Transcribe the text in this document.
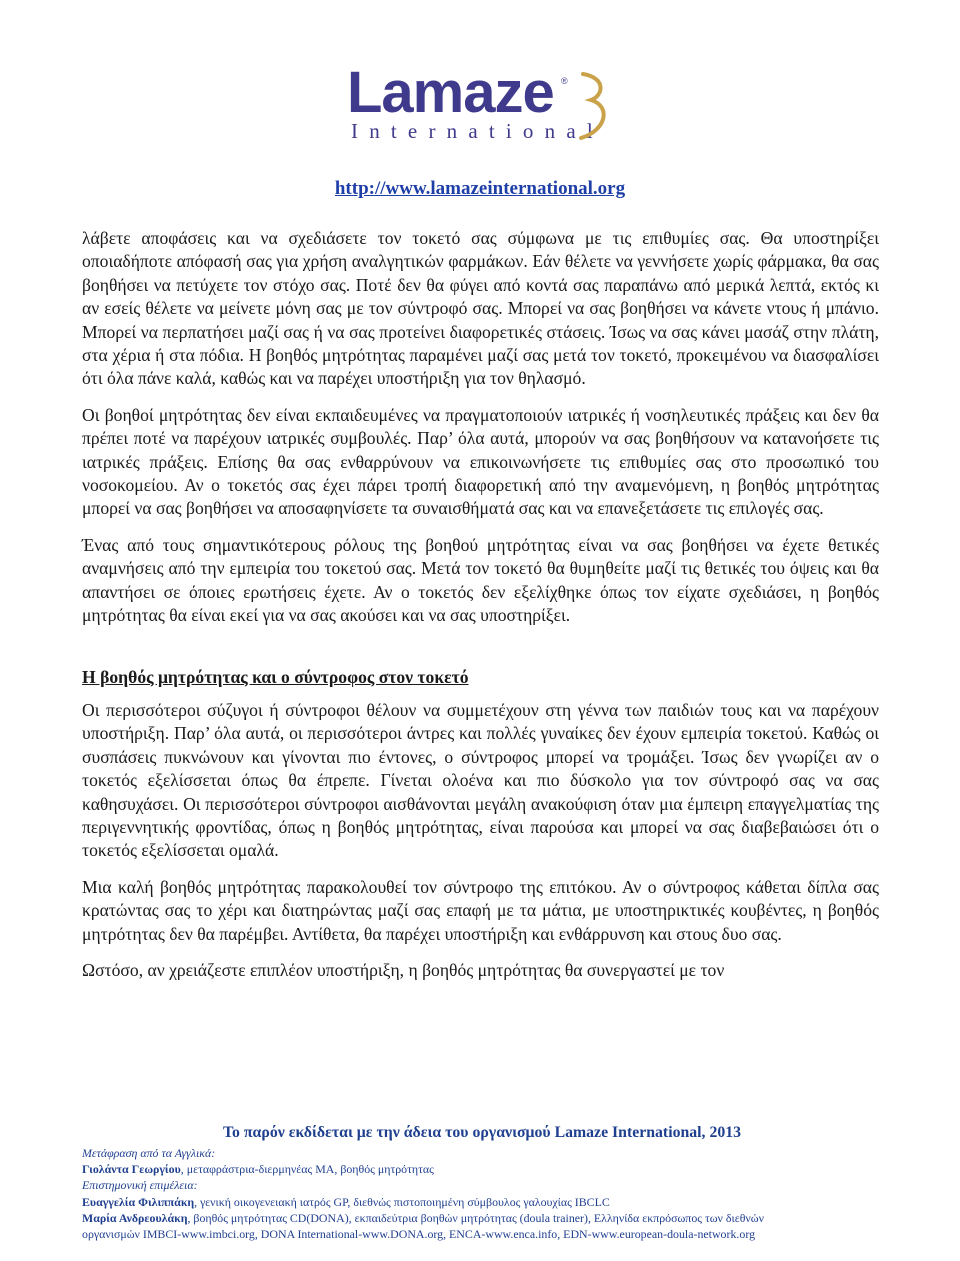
Lamaze ®
International
http://www.lamazeinternational.org

λάβετε αποφάσεις και να σχεδιάσετε τον τοκετό σας σύμφωνα με τις επιθυμίες σας. Θα υποστηρίξει οποιαδήποτε απόφασή σας για χρήση αναλγητικών φαρμάκων. Εάν θέλετε να γεννήσετε χωρίς φάρμακα, θα σας βοηθήσει να πετύχετε τον στόχο σας. Ποτέ δεν θα φύγει από κοντά σας παραπάνω από μερικά λεπτά, εκτός κι αν εσείς θέλετε να μείνετε μόνη σας με τον σύντροφό σας. Μπορεί να σας βοηθήσει να κάνετε ντους ή μπάνιο. Μπορεί να περπατήσει μαζί σας ή να σας προτείνει διαφορετικές στάσεις. Ίσως να σας κάνει μασάζ στην πλάτη, στα χέρια ή στα πόδια. Η βοηθός μητρότητας παραμένει μαζί σας μετά τον τοκετό, προκειμένου να διασφαλίσει ότι όλα πάνε καλά, καθώς και να παρέχει υποστήριξη για τον θηλασμό.

Οι βοηθοί μητρότητας δεν είναι εκπαιδευμένες να πραγματοποιούν ιατρικές ή νοσηλευτικές πράξεις και δεν θα πρέπει ποτέ να παρέχουν ιατρικές συμβουλές. Παρ’ όλα αυτά, μπορούν να σας βοηθήσουν να κατανοήσετε τις ιατρικές πράξεις. Επίσης θα σας ενθαρρύνουν να επικοινωνήσετε τις επιθυμίες σας στο προσωπικό του νοσοκομείου. Αν ο τοκετός σας έχει πάρει τροπή διαφορετική από την αναμενόμενη, η βοηθός μητρότητας μπορεί να σας βοηθήσει να αποσαφηνίσετε τα συναισθήματά σας και να επανεξετάσετε τις επιλογές σας.

Ένας από τους σημαντικότερους ρόλους της βοηθού μητρότητας είναι να σας βοηθήσει να έχετε θετικές αναμνήσεις από την εμπειρία του τοκετού σας. Μετά τον τοκετό θα θυμηθείτε μαζί τις θετικές του όψεις και θα απαντήσει σε όποιες ερωτήσεις έχετε. Αν ο τοκετός δεν εξελίχθηκε όπως τον είχατε σχεδιάσει, η βοηθός μητρότητας θα είναι εκεί για να σας ακούσει και να σας υποστηρίξει.

Η βοηθός μητρότητας και ο σύντροφος στον τοκετό

Οι περισσότεροι σύζυγοι ή σύντροφοι θέλουν να συμμετέχουν στη γέννα των παιδιών τους και να παρέχουν υποστήριξη. Παρ’ όλα αυτά, οι περισσότεροι άντρες και πολλές γυναίκες δεν έχουν εμπειρία τοκετού. Καθώς οι συσπάσεις πυκνώνουν και γίνονται πιο έντονες, ο σύντροφος μπορεί να τρομάξει. Ίσως δεν γνωρίζει αν ο τοκετός εξελίσσεται όπως θα έπρεπε. Γίνεται ολοένα και πιο δύσκολο για τον σύντροφό σας να σας καθησυχάσει. Οι περισσότεροι σύντροφοι αισθάνονται μεγάλη ανακούφιση όταν μια έμπειρη επαγγελματίας της περιγεννητικής φροντίδας, όπως η βοηθός μητρότητας, είναι παρούσα και μπορεί να σας διαβεβαιώσει ότι ο τοκετός εξελίσσεται ομαλά.

Μια καλή βοηθός μητρότητας παρακολουθεί τον σύντροφο της επιτόκου. Αν ο σύντροφος κάθεται δίπλα σας κρατώντας σας το χέρι και διατηρώντας μαζί σας επαφή με τα μάτια, με υποστηρικτικές κουβέντες, η βοηθός μητρότητας δεν θα παρέμβει. Αντίθετα, θα παρέχει υποστήριξη και ενθάρρυνση και στους δυο σας.

Ωστόσο, αν χρειάζεστε επιπλέον υποστήριξη, η βοηθός μητρότητας θα συνεργαστεί με τον

Το παρόν εκδίδεται με την άδεια του οργανισμού Lamaze International, 2013

Μετάφραση από τα Αγγλικά:

Γιολάντα Γεωργίου, μεταφράστρια-διερμηνέας ΜΑ, βοηθός μητρότητας

Επιστημονική επιμέλεια:

Ευαγγελία Φιλιππάκη, γενική οικογενειακή ιατρός GP, διεθνώς πιστοποιημένη σύμβουλος γαλουχίας IBCLC

Μαρία Ανδρεουλάκη, βοηθός μητρότητας CD(DONA), εκπαιδεύτρια βοηθών μητρότητας (doula trainer), Ελληνίδα εκπρόσωπος των διεθνών

οργανισμών IMBCI-www.imbci.org, DONA International-www.DONA.org, ENCA-www.enca.info, EDN-www.european-doula-network.org
